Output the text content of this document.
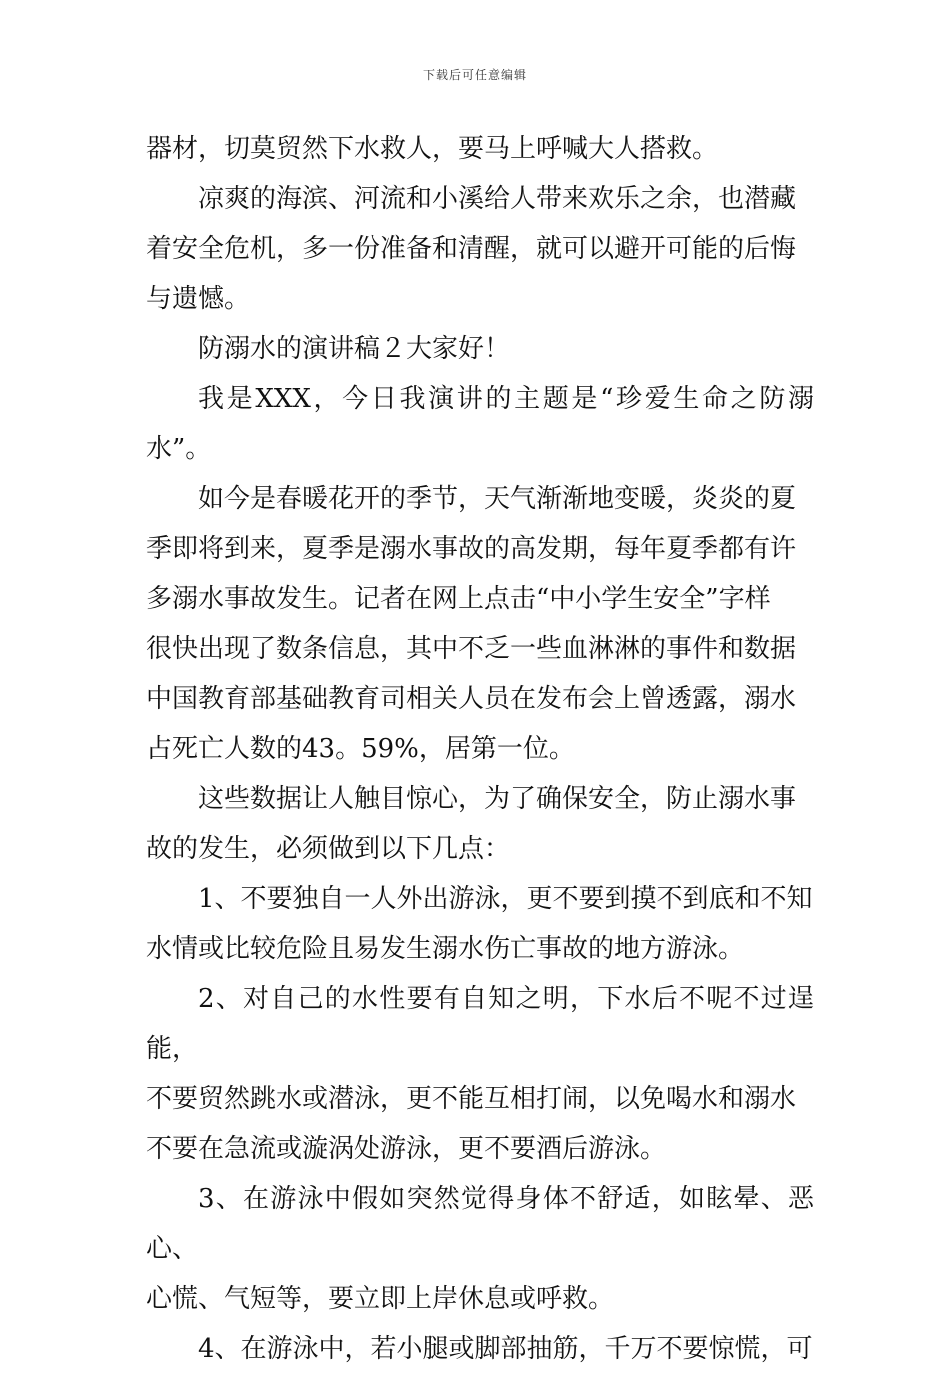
下载后可任意编辑

器材，切莫贸然下水救人，要马上呼喊大人搭救。

凉爽的海滨、河流和小溪给人带来欢乐之余，也潜藏
着安全危机，多一份准备和清醒，就可以避开可能的后悔
与遗憾。

防溺水的演讲稿２大家好！

我是XXX，今日我演讲的主题是“珍爱生命之防溺水”。

如今是春暖花开的季节，天气渐渐地变暖，炎炎的夏
季即将到来，夏季是溺水事故的高发期，每年夏季都有许
多溺水事故发生。记者在网上点击“中小学生安全”字样
很快出现了数条信息，其中不乏一些血淋淋的事件和数据
中国教育部基础教育司相关人员在发布会上曾透露，溺水
占死亡人数的43。59%，居第一位。

这些数据让人触目惊心，为了确保安全，防止溺水事
故的发生，必须做到以下几点：

1、不要独自一人外出游泳，更不要到摸不到底和不知
水情或比较危险且易发生溺水伤亡事故的地方游泳。

2、对自己的水性要有自知之明，下水后不呢不过逞能，
不要贸然跳水或潜泳，更不能互相打闹，以免喝水和溺水
不要在急流或漩涡处游泳，更不要酒后游泳。

3、在游泳中假如突然觉得身体不舒适，如眩晕、恶心、
心慌、气短等，要立即上岸休息或呼救。

4、在游泳中，若小腿或脚部抽筋，千万不要惊慌，可
